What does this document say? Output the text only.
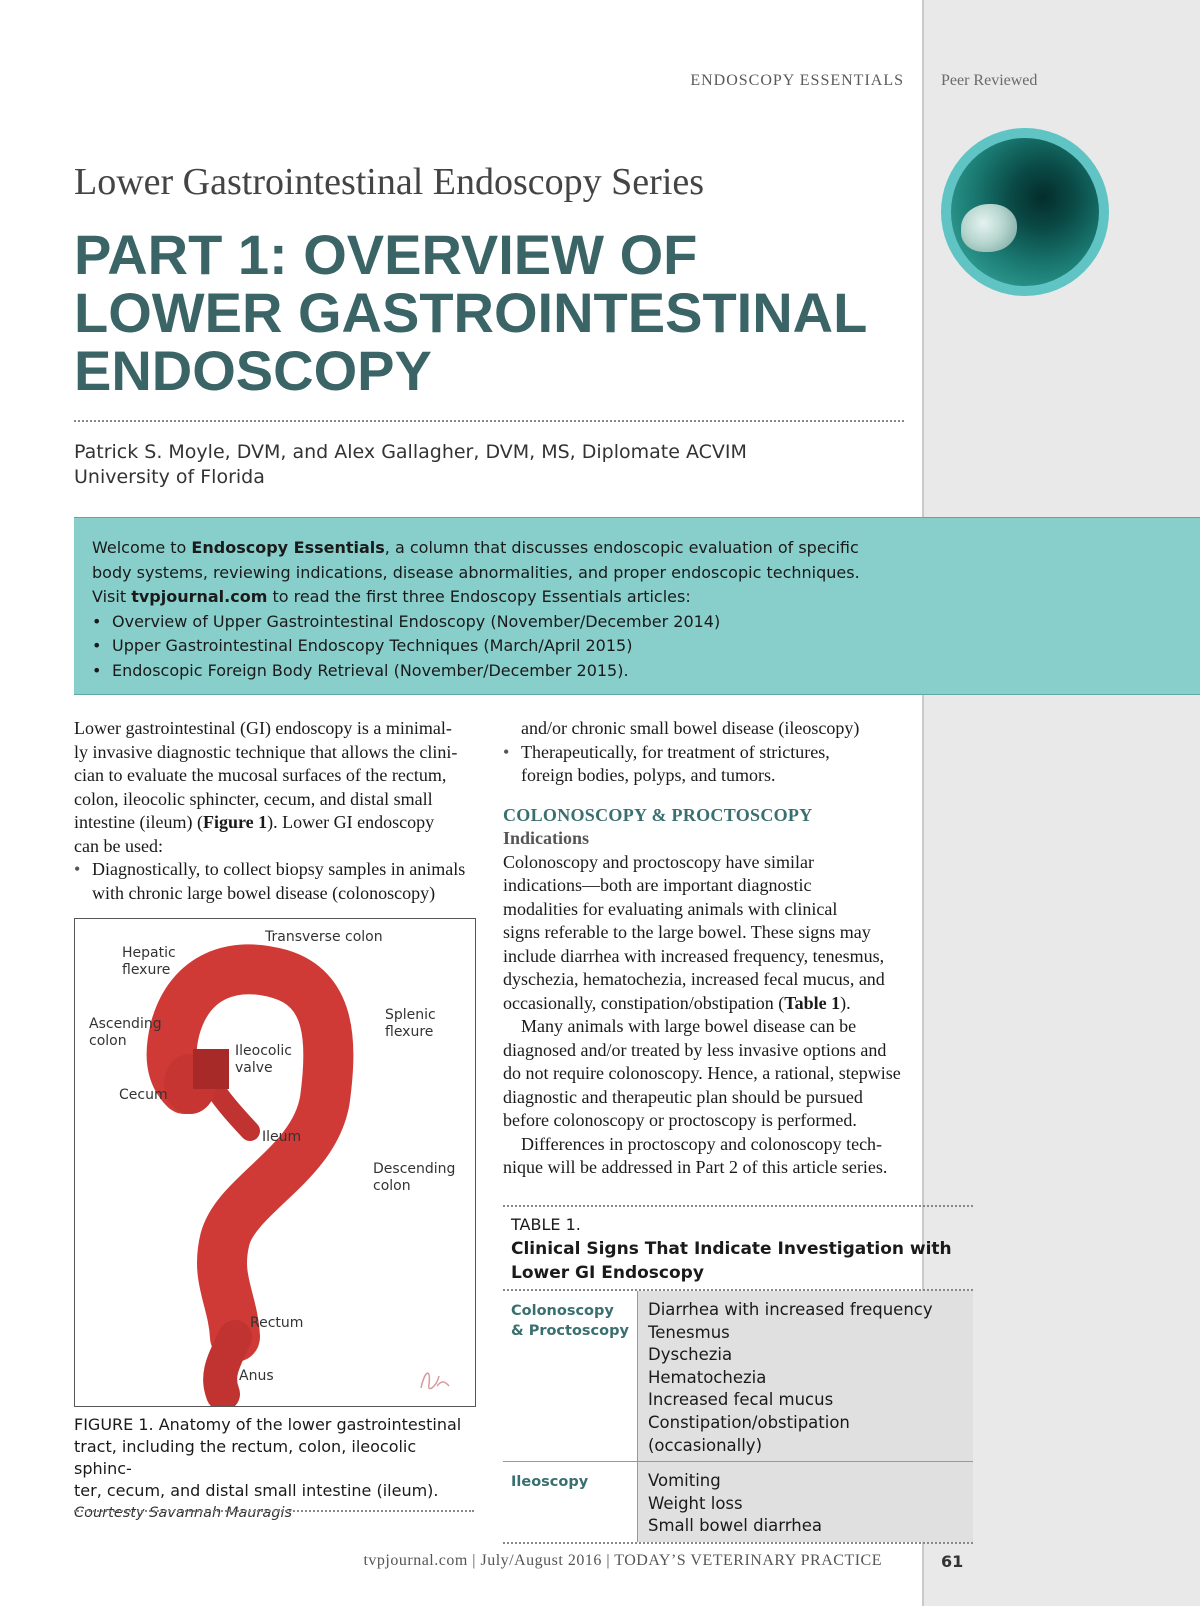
ENDOSCOPY ESSENTIALS Peer Reviewed
Lower Gastrointestinal Endoscopy Series
PART 1: OVERVIEW OF
LOWER GASTROINTESTINAL
ENDOSCOPY
Patrick S. Moyle, DVM, and Alex Gallagher, DVM, MS, Diplomate ACVIM
University of Florida
Welcome to Endoscopy Essentials, a column that discusses endoscopic evaluation of specific
body systems, reviewing indications, disease abnormalities, and proper endoscopic techniques.
Visit tvpjournal.com to read the first three Endoscopy Essentials articles:
• Overview of Upper Gastrointestinal Endoscopy (November/December 2014)
• Upper Gastrointestinal Endoscopy Techniques (March/April 2015)
• Endoscopic Foreign Body Retrieval (November/December 2015).

Lower gastrointestinal (GI) endoscopy is a minimal-

ly invasive diagnostic technique that allows the clini-

cian to evaluate the mucosal surfaces of the rectum,

colon, ileocolic sphincter, cecum, and distal small

intestine (ileum) (Figure 1). Lower GI endoscopy

can be used:

• Diagnostically, to collect biopsy samples in animals
with chronic large bowel disease (colonoscopy)
Transverse colon
Hepatic
flexure
Ascending
colon
Splenic
flexure
Ileocolic
valve
Cecum
Ileum
Descending
colon
Rectum
Anus
FIGURE 1. Anatomy of the lower gastrointestinal
tract, including the rectum, colon, ileocolic sphinc-
ter, cecum, and distal small intestine (ileum).
Courtesty Savannah Mauragis

and/or chronic small bowel disease (ileoscopy)

• Therapeutically, for treatment of strictures,
foreign bodies, polyps, and tumors.

COLONOSCOPY & PROCTOSCOPY

Indications

Colonoscopy and proctoscopy have similar

indications—both are important diagnostic

modalities for evaluating animals with clinical

signs referable to the large bowel. These signs may

include diarrhea with increased frequency, tenesmus,

dyschezia, hematochezia, increased fecal mucus, and

occasionally, constipation/obstipation (Table 1).

Many animals with large bowel disease can be

diagnosed and/or treated by less invasive options and

do not require colonoscopy. Hence, a rational, stepwise

diagnostic and therapeutic plan should be pursued

before colonoscopy or proctoscopy is performed.

Differences in proctoscopy and colonoscopy tech-

nique will be addressed in Part 2 of this article series.

TABLE 1.
Clinical Signs That Indicate Investigation with
Lower GI Endoscopy
Colonoscopy
& Proctoscopy
Diarrhea with increased frequency
Tenesmus
Dyschezia
Hematochezia
Increased fecal mucus
Constipation/obstipation (occasionally)
Ileoscopy	Vomiting
Weight loss
Small bowel diarrhea
tvpjournal.com | July/August 2016 | TODAY’S VETERINARY PRACTICE	61
